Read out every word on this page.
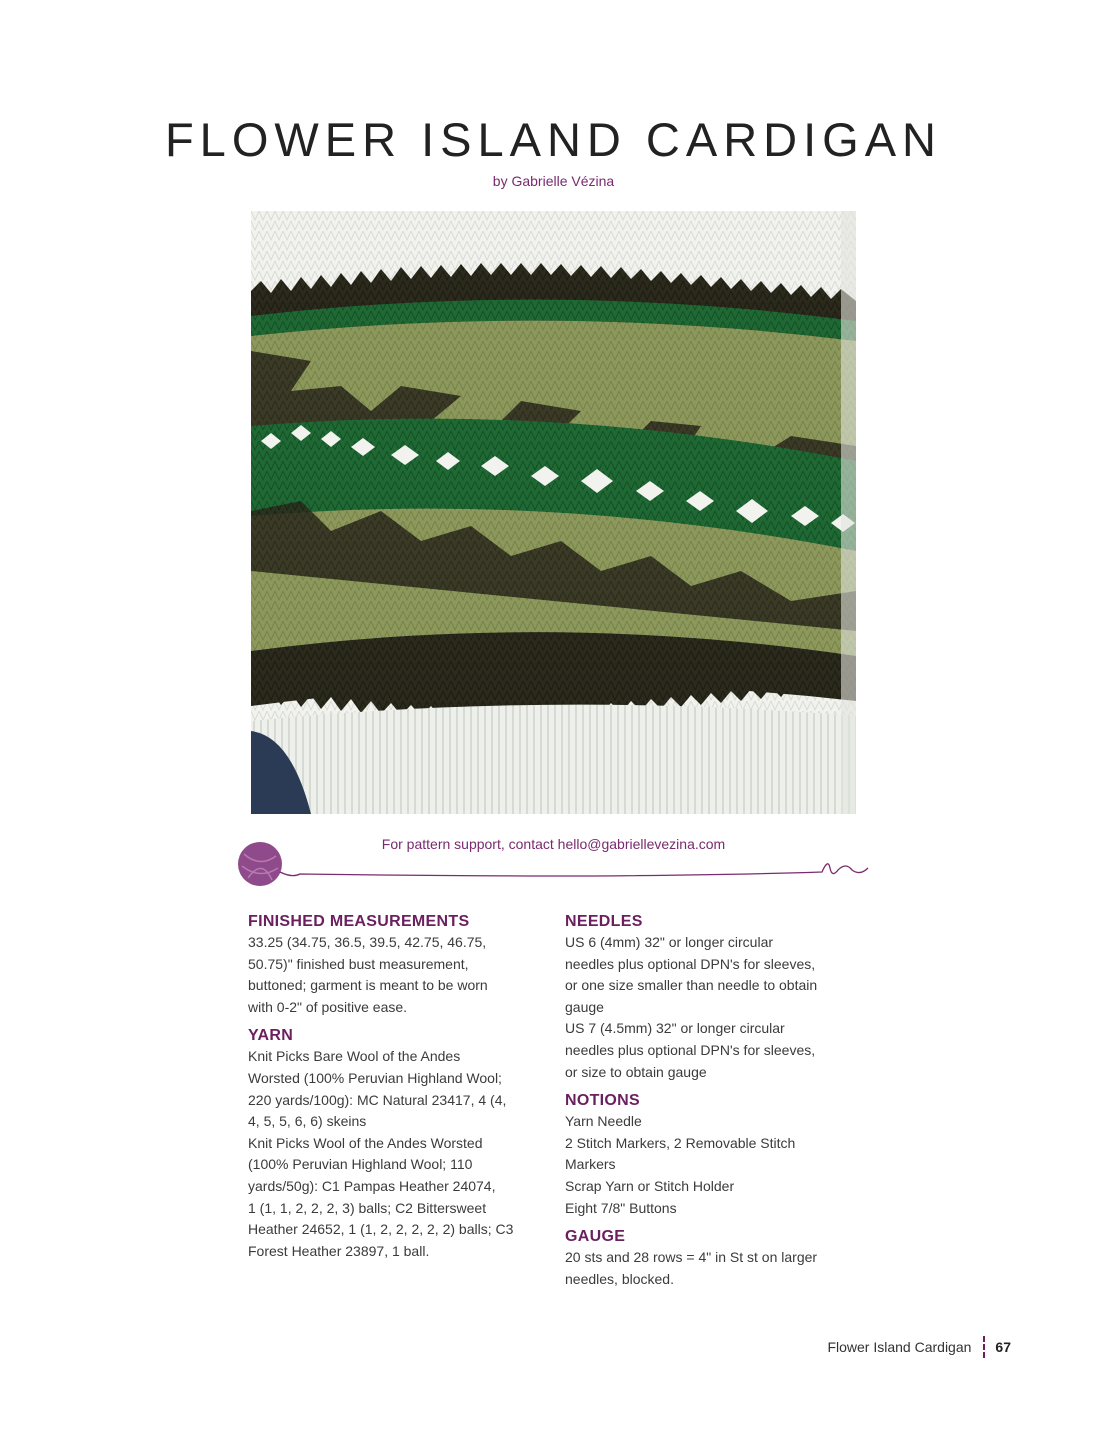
FLOWER ISLAND CARDIGAN
by Gabrielle Vézina
For pattern support, contact hello@gabriellevezina.com
FINISHED MEASUREMENTS

33.25 (34.75, 36.5, 39.5, 42.75, 46.75,

50.75)" finished bust measurement,

buttoned; garment is meant to be worn

with 0-2" of positive ease.

YARN

Knit Picks Bare Wool of the Andes

Worsted (100% Peruvian Highland Wool;

220 yards/100g): MC Natural 23417, 4 (4,

4, 5, 5, 6, 6) skeins

Knit Picks Wool of the Andes Worsted

(100% Peruvian Highland Wool; 110

yards/50g): C1 Pampas Heather 24074,

1 (1, 1, 2, 2, 2, 3) balls; C2 Bittersweet

Heather 24652, 1 (1, 2, 2, 2, 2, 2) balls; C3

Forest Heather 23897, 1 ball.

NEEDLES

US 6 (4mm) 32" or longer circular

needles plus optional DPN's for sleeves,

or one size smaller than needle to obtain

gauge

US 7 (4.5mm) 32" or longer circular

needles plus optional DPN's for sleeves,

or size to obtain gauge

NOTIONS

Yarn Needle

2 Stitch Markers, 2 Removable Stitch

Markers

Scrap Yarn or Stitch Holder

Eight 7/8" Buttons

GAUGE

20 sts and 28 rows = 4" in St st on larger

needles, blocked.

Flower Island Cardigan 67
